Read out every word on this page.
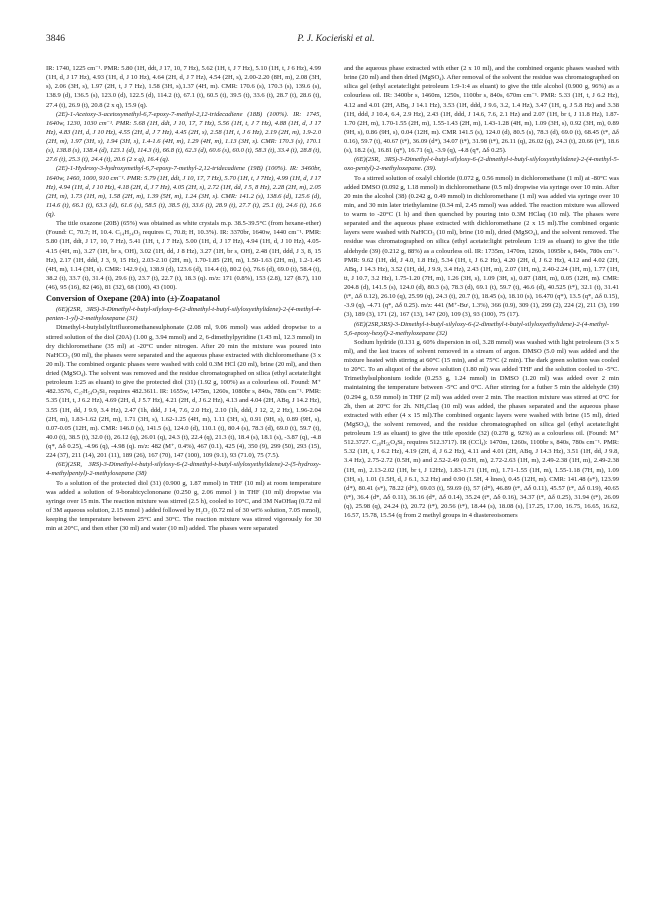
3846	P. J. Kocieński et al.

IR: 1740, 1225 cm⁻¹. PMR: 5.80 (1H, ddt, J 17, 10, 7 Hz), 5.62 (1H, t, J 7 Hz), 5.10 (1H, t, J 6 Hz), 4.99 (1H, d, J 17 Hz), 4.93 (1H, d, J 10 Hz), 4.64 (2H, d, J 7 Hz), 4.54 (2H, s), 2.00-2.20 (8H, m), 2.08 (3H, s), 2.06 (3H, s), 1.97 (2H, t, J 7 Hz), 1.58 (3H, s),1.37 (4H, m). CMR: 170.6 (s), 170.3 (s), 139.6 (s), 138.9 (d), 136.5 (s), 123.0 (d), 122.5 (d), 114.2 (t), 67.1 (t), 60.5 (t), 39.5 (t), 33.6 (t), 28.7 (t), 28.6 (t), 27.4 (t), 26.9 (t), 20.8 (2 x q), 15.9 (q).

(2E)-1-Acetoxy-3-acetoxymethyl-6,7-epoxy-7-methyl-2,12-tridecadiene (18B) (100%). IR: 1745, 1640w, 1230, 1030 cm⁻¹. PMR: 5.68 (1H, ddt, J 10, 17, 7 Hz), 5.56 (1H, t, J 7 Hz), 4.88 (1H, d, J 17 Hz), 4.83 (1H, d, J 10 Hz), 4.55 (2H, d, J 7 Hz), 4.45 (2H, s), 2.58 (1H, t, J 6 Hz), 2.19 (2H, m), 1.9-2.0 (2H, m), 1.97 (3H, s), 1.94 (3H, s), 1.4-1.6 (4H, m), 1.29 (4H, m), 1.13 (3H, s). CMR: 170.3 (s), 170.1 (s), 138.8 (s), 138.4 (d), 123.1 (d), 114.3 (t), 66.8 (t), 62.3 (d), 60.6 (s), 60.0 (t), 58.3 (t), 33.4 (t), 28.8 (t), 27.6 (t), 25.3 (t), 24.4 (t), 20.6 (2 x q), 16.4 (q).

(2E)-1-Hydroxy-3-hydroxymethyl-6,7-epoxy-7-methyl-2,12-tridecadiene (19B) (100%). IR: 3460br, 1640w, 1460, 1000, 910 cm⁻¹. PMR: 5.79 (1H, ddt, J 10, 17, 7 Hz), 5.70 (1H, t, J 7Hz), 4.99 (1H, d, J 17 Hz), 4.94 (1H, d, J 10 Hz), 4.18 (2H, d, J 7 Hz), 4.05 (2H, s), 2.72 (1H, dd, J 5, 8 Hz), 2.28 (2H, m), 2.05 (2H, m), 1.73 (1H, m), 1.58 (2H, m), 1.39 (5H, m), 1.24 (3H, s). CMR: 141.2 (s), 138.6 (d), 125.6 (d), 114.6 (t), 66.1 (t), 63.3 (d), 61.6 (s), 58.5 (t), 38.5 (t), 33.6 (t), 28.9 (t), 27.7 (t), 25.1 (t), 24.6 (t), 16.6 (q).

The title oxazone (20B) (65%) was obtained as white crystals m.p. 38.5-39.5°C (from hexane-ether) (Found: C, 70.7; H, 10.4. C₁₄H₂₄O₃ requires C, 70.8; H, 10.3%). IR: 3370br, 1640w, 1440 cm⁻¹. PMR: 5.80 (1H, ddt, J 17, 10, 7 Hz), 5.41 (1H, t, J 7 Hz), 5.00 (1H, d, J 17 Hz), 4.94 (1H, d, J 10 Hz), 4.05-4.15 (4H, m), 3.27 (1H, br s, OH), 3.02 (1H, dd, J 8 Hz), 3.27 (1H, br s, OH), 2.48 (1H, ddd, J 3, 8, 15 Hz), 2.17 (1H, ddd, J 3, 9, 15 Hz), 2.03-2.10 (2H, m), 1.70-1.85 (2H, m), 1.50-1.63 (2H, m), 1.2-1.45 (4H, m), 1.14 (3H, s). CMR: 142.9 (s), 138.9 (d), 123.6 (d), 114.4 (t), 80.2 (s), 76.6 (d), 69.0 (t), 58.4 (t), 38.2 (t), 33.7 (t), 31.4 (t), 29.6 (t), 23.7 (t), 22.7 (t), 18.3 (q). m/z: 171 (0.8%), 153 (2.8), 127 (8.7), 110 (46), 95 (16), 82 (46), 81 (32), 68 (100), 43 (100).

Conversion of Oxepane (20A) into (±)-Zoapatanol

(6E)(2SR, 3RS)-3-Dimethyl-t-butyl-silyloxy-6-(2-dimethyl-t-butyl-silyloxyethylidene)-2-(4-methyl-4-penten-1-yl)-2-methyloxepane (31)

Dimethyl-t-butylsilyltrifluoromethanesulphonate (2.08 ml, 9.06 mmol) was added dropwise to a stirred solution of the diol (20A) (1.00 g, 3.94 mmol) and 2, 6-dimethylpyridine (1.43 ml, 12.3 mmol) in dry dichloromethane (35 ml) at -20°C under nitrogen. After 20 min the mixture was poured into NaHCO₃ (90 ml), the phases were separated and the aqueous phase extracted with dichloromethane (3 x 20 ml). The combined organic phases were washed with cold 0.3M HCl (20 ml), brine (20 ml), and then dried (MgSO₄). The solvent was removed and the residue chromatographed on silica (ethyl acetate:light petroleum 1:25 as eluant) to give the protected diol (31) (1.92 g, 100%) as a colourless oil. Found: M⁺ 482.3576, C₂₇H₅₄O₃Si₂ requires 482.3611. IR: 1655w, 1475m, 1260s, 1080br s, 840s, 780s cm⁻¹. PMR: 5.35 (1H, t, J 6.2 Hz), 4.69 (2H, d, J 5.7 Hz), 4.21 (2H, d, J 6.2 Hz), 4.13 and 4.04 (2H, ABq, J 14.2 Hz), 3.55 (1H, dd, J 9.9, 3.4 Hz), 2.47 (1h, ddd, J 14, 7.6, 2.0 Hz), 2.10 (1h, ddd, J 12, 2, 2 Hz), 1.96-2.04 (2H, m), 1.83-1.62 (2H, m), 1.71 (3H, s), 1.62-1.25 (4H, m), 1.11 (3H, s), 0.91 (9H, s), 0.89 (9H, s), 0.07-0.05 (12H, m). CMR: 146.0 (s), 141.5 (s), 124.0 (d), 110.1 (t), 80.4 (s), 78.3 (d), 69.0 (t), 59.7 (t), 40.0 (t), 38.5 (t), 32.0 (t), 26.12 (q), 26.01 (q), 24.3 (t), 22.4 (q), 21.3 (t), 18.4 (s), 18.1 (s), -3.87 (q), -4.8 (q*, Δδ 0.25), -4.96 (q), -4.98 (q). m/z: 482 (M⁺, 0.4%), 467 (0.1), 425 (4), 350 (9), 299 (50), 293 (15), 224 (37), 211 (14), 201 (11), 189 (26), 167 (70), 147 (100), 109 (9.1), 93 (71.0), 75 (7.5).

(6E)(2SR, 3RS)-3-Dimethyl-t-butyl-silyloxy-6-(2-dimethyl-t-butyl-silyloxyethylidene)-2-(5-hydroxy-4-methylpentyl)-2-methyloxepane (38)

To a solution of the protected diol (31) (0.900 g, 1.87 mmol) in THF (10 ml) at room temperature was added a solution of 9-borabicyclononane (0.250 g, 2.06 mmol ) in THF (10 ml) dropwise via syringe over 15 min. The reaction mixture was stirred (2.5 h), cooled to 10°C, and 3M NaOHaq (0.72 ml of 3M aqueous solution, 2.15 mmol ) added followed by H₂O₂ (0.72 ml of 30 wt% solution, 7.05 mmol), keeping the temperature between 25°C and 30°C. The reaction mixture was stirred vigorously for 30 min at 20°C, and then ether (30 ml) and water (10 ml) added. The phases were separated

and the aqueous phase extracted with ether (2 x 10 ml), and the combined organic phases washed with brine (20 ml) and then dried (MgSO₄). After removal of the solvent the residue was chromatographed on silica gel (ethyl acetate:light petroleum 1:9-1:4 as eluant) to give the title alcohol (0.900 g, 96%) as a colourless oil. IR: 3400br s, 1460m, 1250s, 1100br s, 840s, 670m cm⁻¹. PMR: 5.33 (1H, t, J 6.2 Hz), 4.12 and 4.01 (2H, ABq, J 14.1 Hz), 3.53 (1H, ddd, J 9.6, 3.2, 1.4 Hz), 3.47 (1H, q, J 5.8 Hz) and 3.38 (1H, ddd, J 10.4, 6.4, 2.9 Hz), 2.43 (1H, ddd, J 14.6, 7.6, 2.1 Hz) and 2.07 (1H, br t, J 11.8 Hz), 1.87-1.70 (2H, m), 1.70-1.55 (2H, m), 1.55-1.43 (2H, m), 1.43-1.28 (4H, m), 1.09 (3H, s), 0.92 (3H, m), 0.89 (9H, s), 0.86 (9H, s), 0.04 (12H, m). CMR 141.5 (s), 124.0 (d), 80.5 (s), 78.3 (d), 69.0 (t), 68.45 (t*, Δδ 0.16), 59.7 (t), 40.67 (t*), 36.09 (d*), 34.07 (t*), 31.98 (t*), 26.11 (q), 26.02 (q), 24.3 (t), 20.66 (t*), 18.6 (s), 18.2 (s), 16.81 (q*), 16.71 (q), -3.9 (q), -4.8 (q*, Δδ 0.25).

(6E)(2SR, 3RS)-3-Dimethyl-t-butyl-silyloxy-6-(2-dimethyl-t-butyl-silyloxyethylidene)-2-(4-methyl-5-oxo-pentyl)-2-methyloxepane. (39).

To a stirred solution of oxalyl chloride (0.072 g, 0.56 mmol) in dichloromethane (1 ml) at -80°C was added DMSO (0.092 g, 1.18 mmol) in dichloromethane (0.5 ml) dropwise via syringe over 10 min. After 20 min the alcohol (38) (0.242 g, 0.49 mmol) in dichloromethane (1 ml) was added via syringe over 10 min, and 30 min later triethylamine (0.34 ml, 2.45 mmol) was added. The reaction mixture was allowed to warm to -20°C (1 h) and then quenched by pouring into 0.3M HClaq (10 ml). The phases were separated and the aqueous phase extracted with dichloromethane (2 x 15 ml).The combined organic layers were washed with NaHCO₃ (10 ml), brine (10 ml), dried (MgSO₄), and the solvent removed. The residue was chromatographed on silica (ethyl acetate:light petroleum 1:19 as eluant) to give the title aldehyde (39) (0.212 g, 88%) as a colourless oil. IR: 1735m, 1470m, 1260s, 1095br s, 840s, 780s cm⁻¹. PMR: 9.62 (1H, dd, J 4.0, 1.8 Hz), 5.34 (1H, t, J 6.2 Hz), 4.20 (2H, d, J 6.2 Hz), 4.12 and 4.02 (2H, ABq, J 14.3 Hz), 3.52 (1H, dd, J 9.9, 3.4 Hz), 2.43 (1H, m), 2.07 (1H, m), 2.40-2.24 (1H, m), 1.77 (1H, tt, J 10.7, 3.2 Hz), 1.75-1.20 (7H, m), 1.26 (3H, s), 1.09 (3H, s), 0.87 (18H, m), 0.05 (12H, m). CMR: 204.8 (d), 141.5 (s), 124.0 (d), 80.3 (s), 78.3 (d), 69.1 (t), 59.7 (t), 46.6 (d), 40.525 (t*), 32.1 (t), 31.41 (t*, Δδ 0.12), 26.10 (q), 25.99 (q), 24.3 (t), 20.7 (t), 18.45 (s), 18.10 (s), 16.470 (q*), 13.5 (q*, Δδ 0.15), -3.9 (q), -4.71 (q*, Δδ 0.25). m/z: 441 (M⁺-Buᵗ, 1.3%), 366 (0.9), 309 (1), 299 (2), 224 (2), 211 (3), 199 (3), 189 (3), 171 (2), 167 (13), 147 (20), 109 (3), 93 (100), 75 (17).

(6E)(2SR,3RS)-3-Dimethyl-t-butyl-silyloxy-6-(2-dimethyl-t-butyl-silyloxyethylidene)-2-(4-methyl-5,6-epoxy-hexyl)-2-methyloxepane (32)

Sodium hydride (0.131 g, 60% dispersion in oil, 3.28 mmol) was washed with light petroleum (3 x 5 ml), and the last traces of solvent removed in a stream of argon. DMSO (5.0 ml) was added and the mixture heated with stirring at 60°C (15 min), and at 75°C (2 min). The dark green solution was cooled to 20°C. To an aliquot of the above solution (1.80 ml) was added THF and the solution cooled to -5°C. Trimethylsulphonium iodide (0.253 g, 1.24 mmol) in DMSO (1.20 ml) was added over 2 min maintaining the temperature between -5°C and 0°C. After stirring for a futher 5 min the aldehyde (39) (0.294 g, 0.59 mmol) in THF (2 ml) was added over 2 min. The reaction mixture was stirred at 0°C for 2h, then at 20°C for 2h. NH₄Claq (10 ml) was added, the phases separated and the aqueous phase extracted with ether (4 x 15 ml).The combined organic layers were washed with brine (15 ml), dried (MgSO₄), the solvent removed, and the residue chromatographed on silica gel (ethyl acetate:light petroleum 1:9 as eluant) to give the title epoxide (32) (0.278 g, 92%) as a colourless oil. (Found: M⁺ 512.3727. C₂₈H₅₆O₄Si₂ requires 512.3717). IR (CCl₄): 1470m, 1260s, 1100br s, 840s, 780s cm⁻¹. PMR: 5.32 (1H, t, J 6.2 Hz), 4.19 (2H, d, J 6.2 Hz), 4.11 and 4.01 (2H, ABq, J 14.3 Hz), 3.51 (1H, dd, J 9.8, 3.4 Hz), 2.75-2.72 (0.5H, m) and 2.52-2.49 (0.5H, m), 2.72-2.63 (1H, m), 2.49-2.38 (1H, m), 2.49-2.38 (1H, m), 2.13-2.02 (1H, br t, J 12Hz), 1.83-1.71 (1H, m), 1.71-1.55 (1H, m), 1.55-1.18 (7H, m), 1.09 (3H, s), 1.01 (1.5H, d, J 6.1, 3.2 Hz) and 0.90 (1.5H, 4 lines), 0.45 (12H, m). CMR: 141.48 (s*), 123.99 (d*), 80.41 (s*), 78.22 (d*), 69.03 (t), 59.69 (t), 57 (d*), 46.89 (t*, Δδ 0.11), 45.57 (t*, Δδ 0.19), 40.65 (t*), 36.4 (d*, Δδ 0.11), 36.16 (d*, Δδ 0.14), 35.24 (t*, Δδ 0.16), 34.37 (t*, Δδ 0.25), 31.94 (t*), 26.09 (q), 25.98 (q), 24.24 (t), 20.72 (t*), 20.56 (t*), 18.44 (s), 18.08 (s), [17.25, 17.00, 16.75, 16.65, 16.62, 16.57, 15.78, 15.54 (q from 2 methyl groups in 4 diastereoisomers
